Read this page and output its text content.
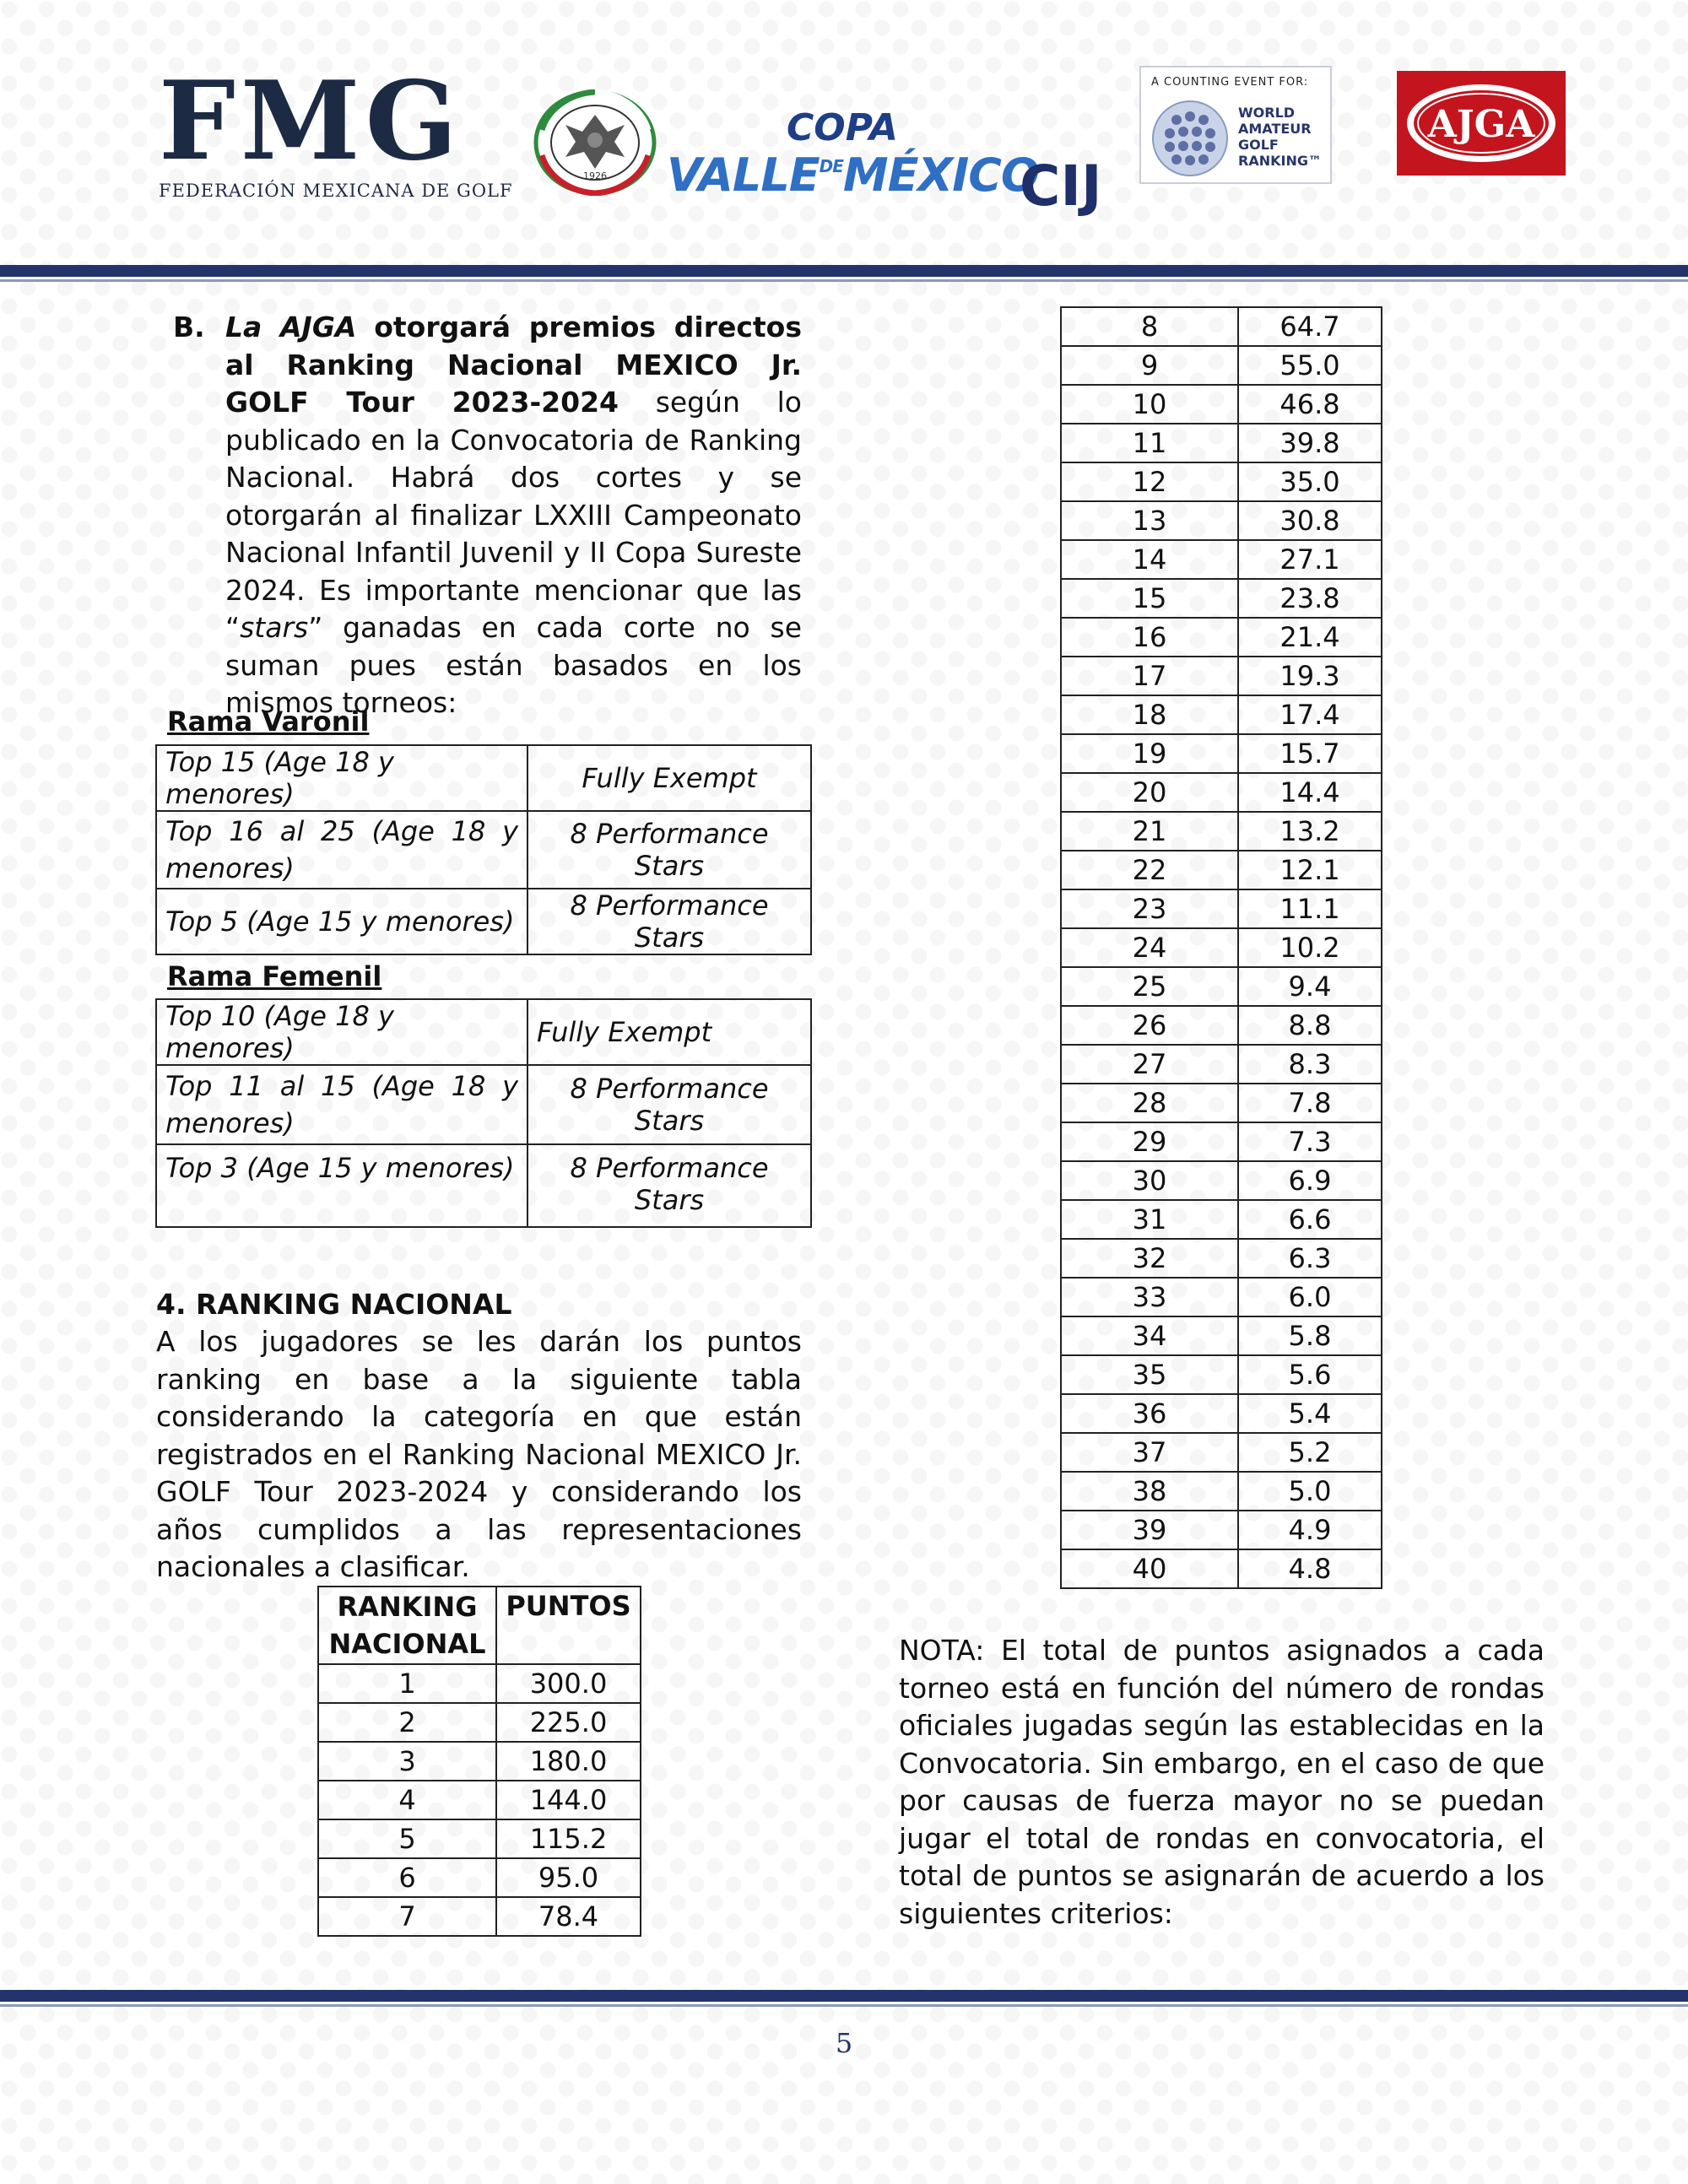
FMG
FEDERACIÓN MEXICANA DE GOLF
1926
COPA
$VALLE^{DE}MÉXICO$
CIJ
A COUNTING EVENT FOR:
WORLD
AMATEUR
GOLF
RANKING™
AJGA
B. La AJGA otorgará premios directos al Ranking Nacional MEXICO Jr. GOLF Tour 2023-2024 según lo publicado en la Convocatoria de Ranking Nacional. Habrá dos cortes y se otorgarán al finalizar LXXIII Campeonato Nacional Infantil Juvenil y II Copa Sureste 2024. Es importante mencionar que las “stars” ganadas en cada corte no se suman pues están basados en los mismos torneos:
Rama Varonil
Top 15 (Age 18 y menores)	Fully Exempt
Top 16 al 25 (Age 18 y menores)	8 Performance Stars
Top 5 (Age 15 y menores)	8 Performance Stars
Rama Femenil
Top 10 (Age 18 y menores)	Fully Exempt
Top 11 al 15 (Age 18 y menores)	8 Performance Stars
Top 3 (Age 15 y menores)	8 Performance Stars
4. RANKING NACIONAL
A los jugadores se les darán los puntos ranking en base a la siguiente tabla considerando la categoría en que están registrados en el Ranking Nacional MEXICO Jr. GOLF Tour 2023-2024 y considerando los años cumplidos a las representaciones nacionales a clasificar.
RANKING NACIONAL	PUNTOS
1	300.0
2	225.0
3	180.0
4	144.0
5	115.2
6	95.0
7	78.4
8	64.7
9	55.0
10	46.8
11	39.8
12	35.0
13	30.8
14	27.1
15	23.8
16	21.4
17	19.3
18	17.4
19	15.7
20	14.4
21	13.2
22	12.1
23	11.1
24	10.2
25	9.4
26	8.8
27	8.3
28	7.8
29	7.3
30	6.9
31	6.6
32	6.3
33	6.0
34	5.8
35	5.6
36	5.4
37	5.2
38	5.0
39	4.9
40	4.8
NOTA: El total de puntos asignados a cada torneo está en función del número de rondas oficiales jugadas según las establecidas en la Convocatoria. Sin embargo, en el caso de que por causas de fuerza mayor no se puedan jugar el total de rondas en convocatoria, el total de puntos se asignarán de acuerdo a los siguientes criterios:
5
